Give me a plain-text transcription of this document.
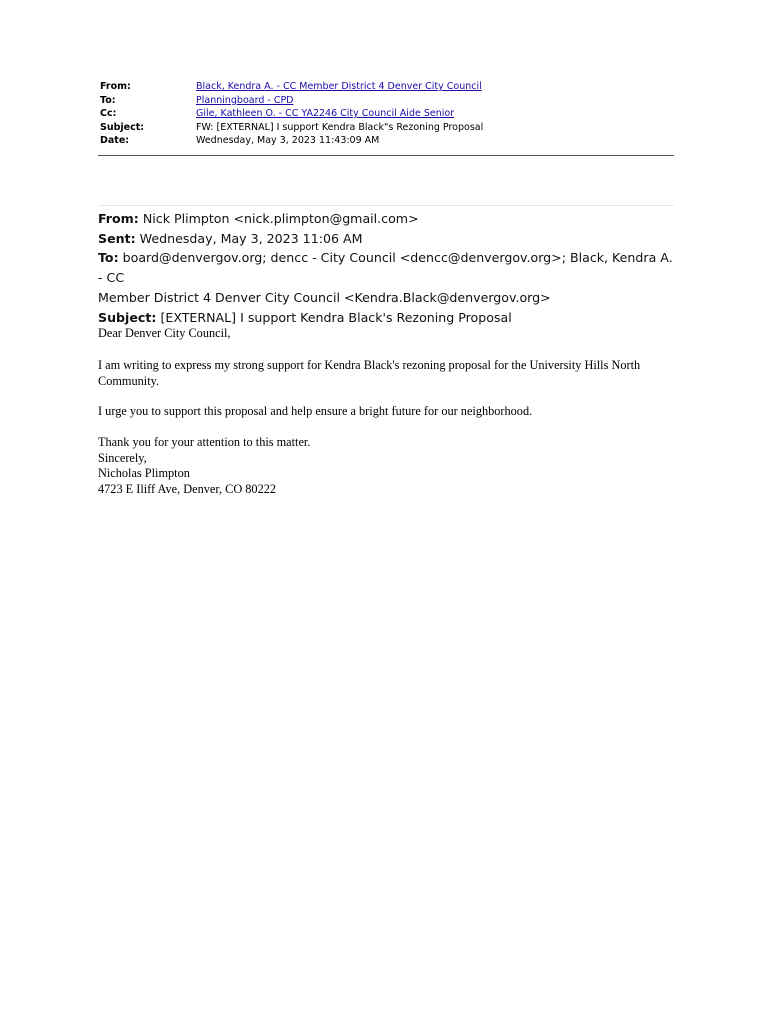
From:	Black, Kendra A. - CC Member District 4 Denver City Council
To:	Planningboard - CPD
Cc:	Gile, Kathleen O. - CC YA2246 City Council Aide Senior
Subject:	FW: [EXTERNAL] I support Kendra Black"s Rezoning Proposal
Date:	Wednesday, May 3, 2023 11:43:09 AM
From: Nick Plimpton <nick.plimpton@gmail.com>
Sent: Wednesday, May 3, 2023 11:06 AM
To: board@denvergov.org; dencc - City Council <dencc@denvergov.org>; Black, Kendra A. - CC
Member District 4 Denver City Council <Kendra.Black@denvergov.org>
Subject: [EXTERNAL] I support Kendra Black's Rezoning Proposal
Dear Denver City Council,
I am writing to express my strong support for Kendra Black's rezoning proposal for the University Hills North
Community.
I urge you to support this proposal and help ensure a bright future for our neighborhood.
Thank you for your attention to this matter.
Sincerely,
Nicholas Plimpton
4723 E Iliff Ave, Denver, CO 80222
